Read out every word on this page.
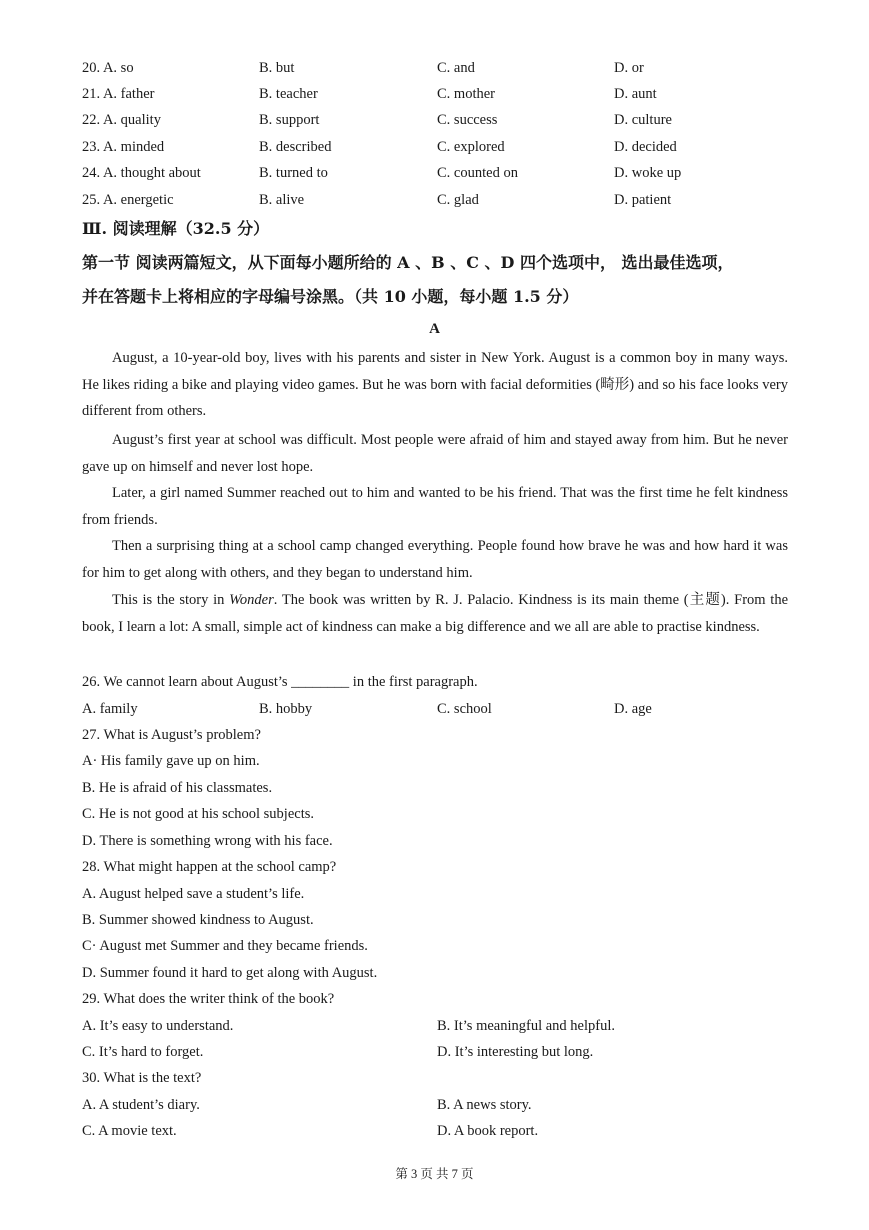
20. A. so	B. but	C. and	D. or
21. A. father	B. teacher	C. mother	D. aunt
22. A. quality	B. support	C. success	D. culture
23. A. minded	B. described	C. explored	D. decided
24. A. thought about	B. turned to	C. counted on	D. woke up
25. A. energetic	B. alive	C. glad	D. patient
Ⅲ. 阅读理解（32.5 分）
第一节 阅读两篇短文，从下面每小题所给的 A 、B 、C 、D 四个选项中， 选出最佳选项，
并在答题卡上将相应的字母编号涂黑。（共 10 小题，每小题 1.5 分）
A
August, a 10-year-old boy, lives with his parents and sister in New York. August is a common boy in many ways. He likes riding a bike and playing video games. But he was born with facial deformities (畸形) and so his face looks very different from others.
August’s first year at school was difficult. Most people were afraid of him and stayed away from him. But he never gave up on himself and never lost hope.
Later, a girl named Summer reached out to him and wanted to be his friend. That was the first time he felt kindness from friends.
Then a surprising thing at a school camp changed everything. People found how brave he was and how hard it was for him to get along with others, and they began to understand him.
This is the story in Wonder. The book was written by R. J. Palacio. Kindness is its main theme (主题). From the book, I learn a lot: A small, simple act of kindness can make a big difference and we all are able to practise kindness.
26. We cannot learn about August’s ________ in the first paragraph.
A. family	B. hobby	C. school	D. age
27. What is August’s problem?
A· His family gave up on him.
B. He is afraid of his classmates.
C. He is not good at his school subjects.
D. There is something wrong with his face.
28. What might happen at the school camp?
A. August helped save a student’s life.
B. Summer showed kindness to August.
C· August met Summer and they became friends.
D. Summer found it hard to get along with August.
29. What does the writer think of the book?
A. It’s easy to understand.	B. It’s meaningful and helpful.
C. It’s hard to forget.	D. It’s interesting but long.
30. What is the text?
A. A student’s diary.	B. A news story.
C. A movie text.	D. A book report.
第 3 页 共 7 页
